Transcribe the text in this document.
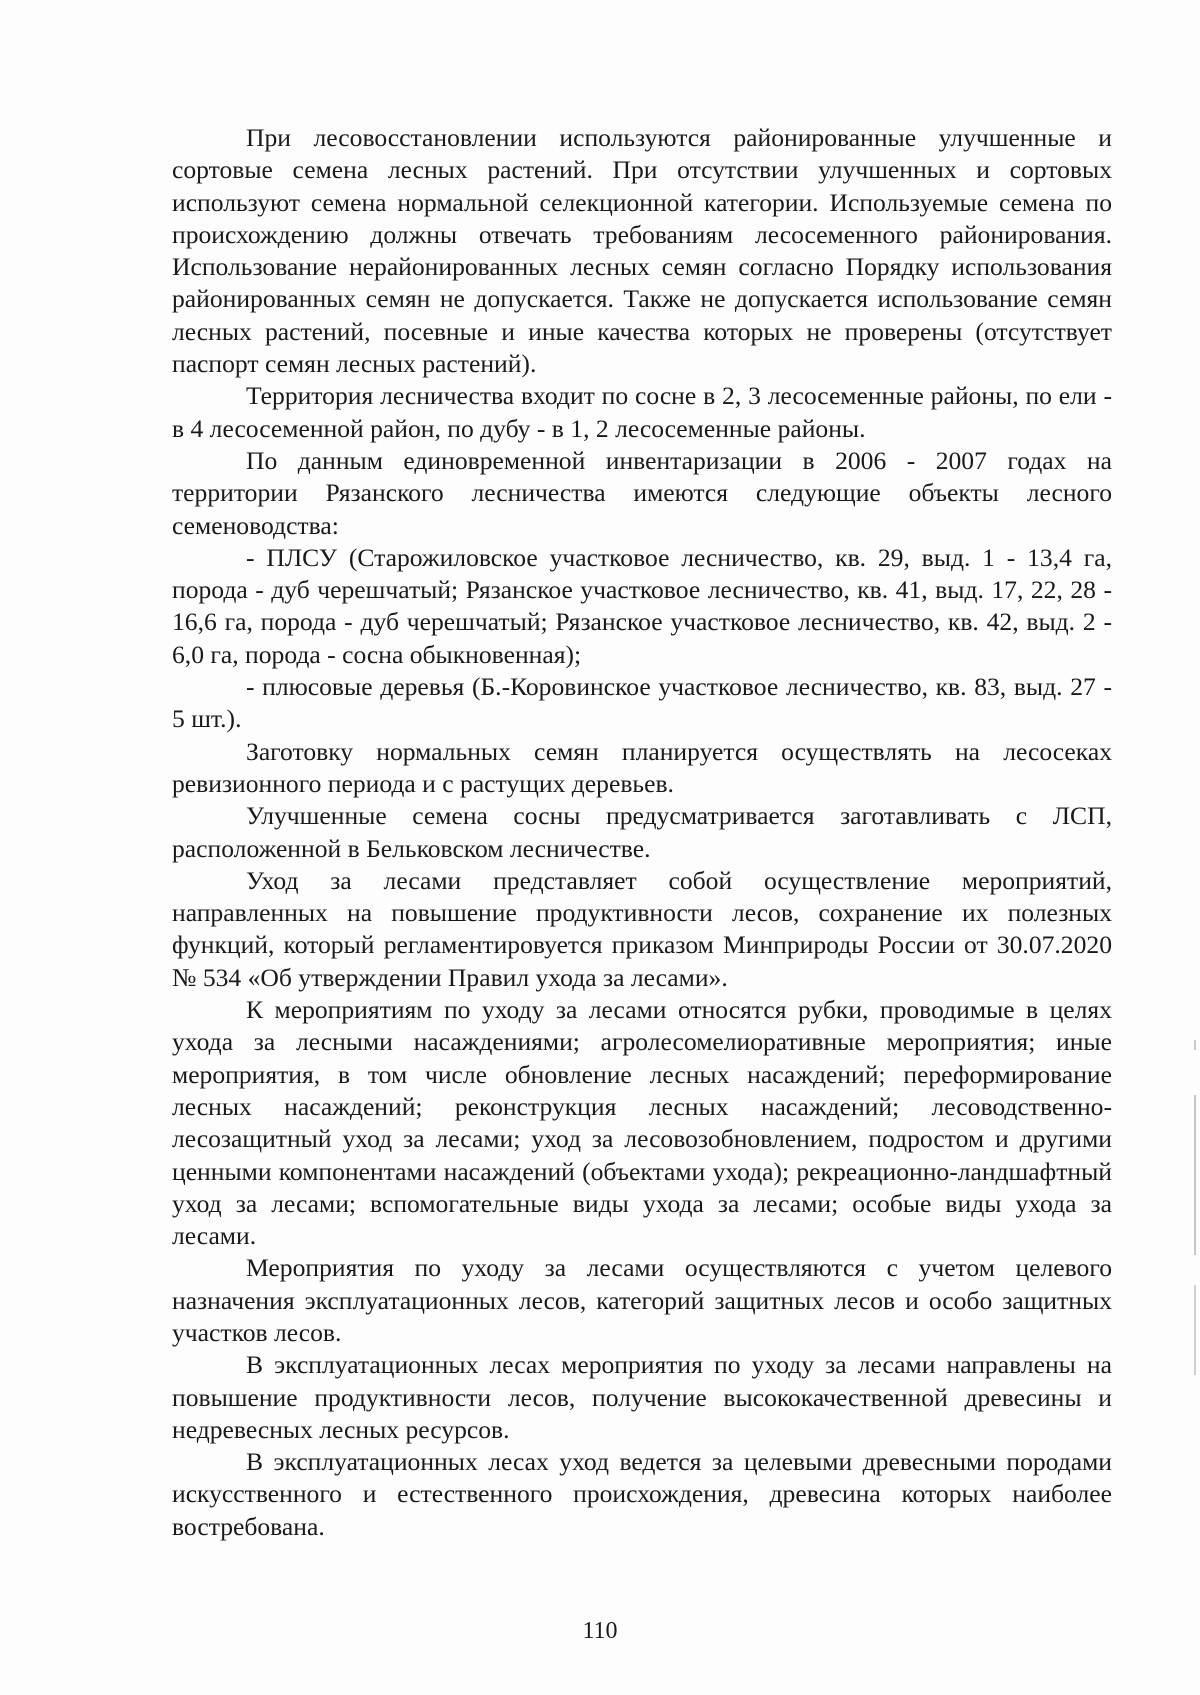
При лесовосстановлении используются районированные улучшенные и сортовые семена лесных растений. При отсутствии улучшенных и сортовых используют семена нормальной селекционной категории. Используемые семена по происхождению должны отвечать требованиям лесосеменного районирования. Использование нерайонированных лесных семян согласно Порядку использования районированных семян не допускается. Также не допускается использование семян лесных растений, посевные и иные качества которых не проверены (отсутствует паспорт семян лесных растений).

Территория лесничества входит по сосне в 2, 3 лесосеменные районы, по ели - в 4 лесосеменной район, по дубу - в 1, 2 лесосеменные районы.

По данным единовременной инвентаризации в 2006 - 2007 годах на территории Рязанского лесничества имеются следующие объекты лесного семеноводства:

- ПЛСУ (Старожиловское участковое лесничество, кв. 29, выд. 1 - 13,4 га, порода - дуб черешчатый; Рязанское участковое лесничество, кв. 41, выд. 17, 22, 28 - 16,6 га, порода - дуб черешчатый; Рязанское участковое лесничество, кв. 42, выд. 2 - 6,0 га, порода - сосна обыкновенная);

- плюсовые деревья (Б.-Коровинское участковое лесничество, кв. 83, выд. 27 - 5 шт.).

Заготовку нормальных семян планируется осуществлять на лесосеках ревизионного периода и с растущих деревьев.

Улучшенные семена сосны предусматривается заготавливать с ЛСП, расположенной в Бельковском лесничестве.

Уход за лесами представляет собой осуществление мероприятий, направленных на повышение продуктивности лесов, сохранение их полезных функций, который регламентировуется приказом Минприроды России от 30.07.2020 № 534 «Об утверждении Правил ухода за лесами».

К мероприятиям по уходу за лесами относятся рубки, проводимые в целях ухода за лесными насаждениями; агролесомелиоративные мероприятия; иные мероприятия, в том числе обновление лесных насаждений; переформирование лесных насаждений; реконструкция лесных насаждений; лесоводственно-лесозащитный уход за лесами; уход за лесовозобновлением, подростом и другими ценными компонентами насаждений (объектами ухода); рекреационно-ландшафтный уход за лесами; вспомогательные виды ухода за лесами; особые виды ухода за лесами.

Мероприятия по уходу за лесами осуществляются с учетом целевого назначения эксплуатационных лесов, категорий защитных лесов и особо защитных участков лесов.

В эксплуатационных лесах мероприятия по уходу за лесами направлены на повышение продуктивности лесов, получение высококачественной древесины и недревесных лесных ресурсов.

В эксплуатационных лесах уход ведется за целевыми древесными породами искусственного и естественного происхождения, древесина которых наиболее востребована.

110
